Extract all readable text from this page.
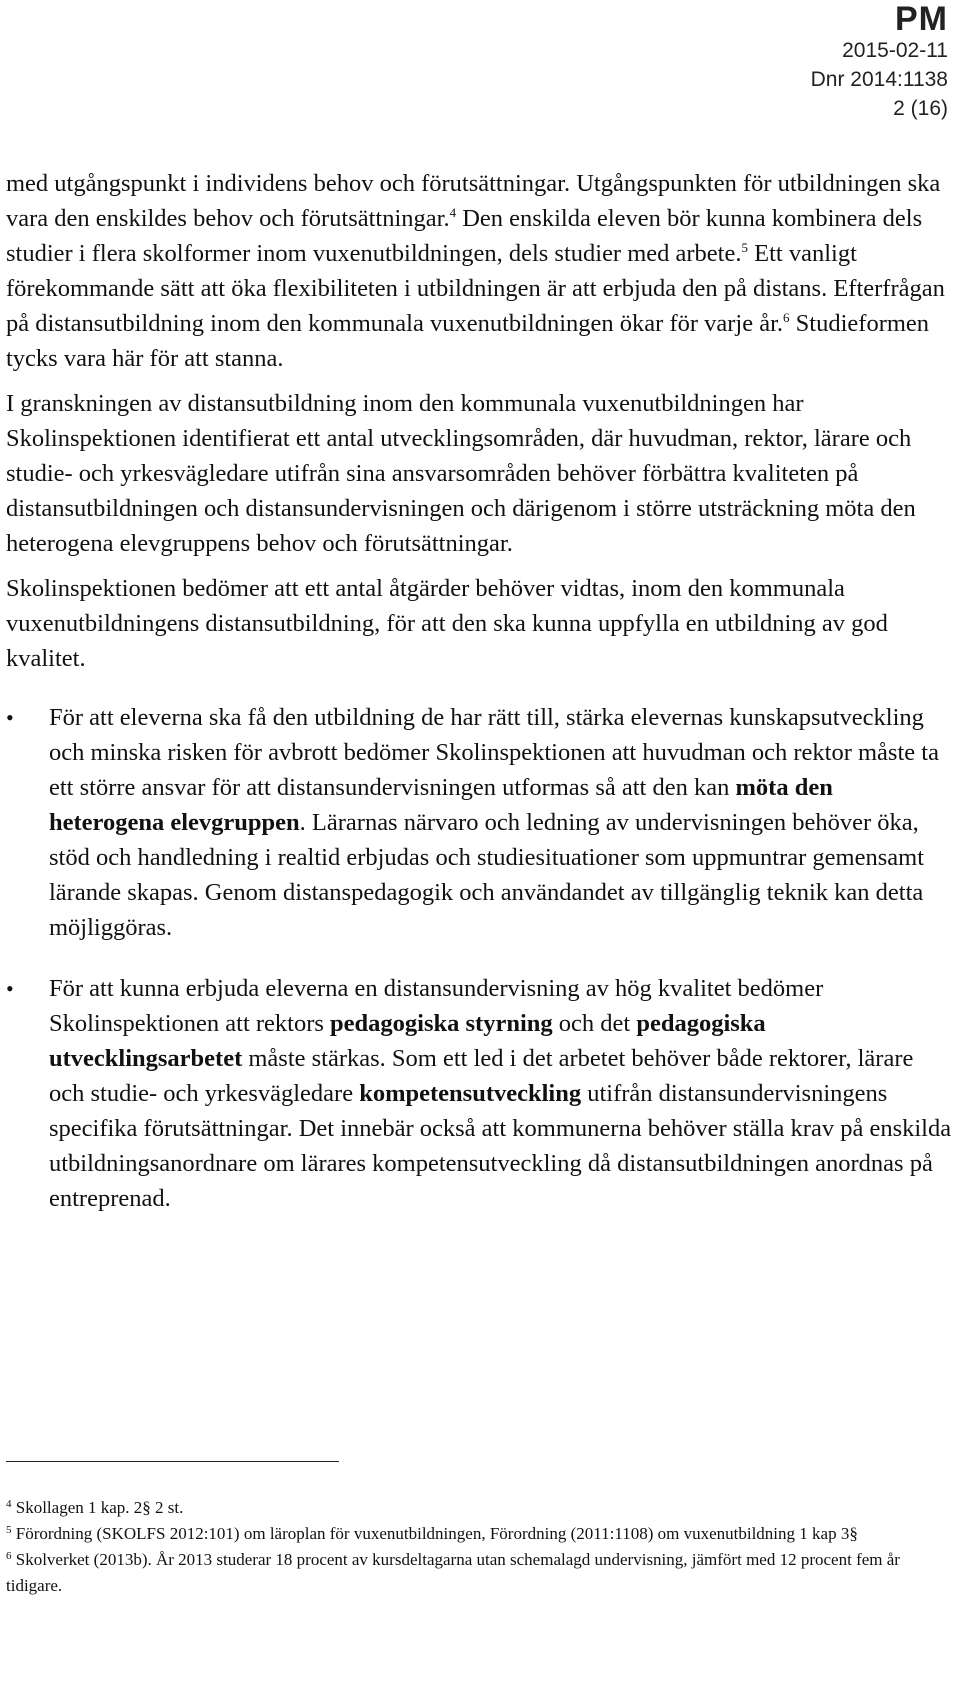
PM
2015-02-11
Dnr 2014:1138
2 (16)

med utgångspunkt i individens behov och förutsättningar. Utgångspunkten för utbildningen ska vara den enskildes behov och förutsättningar.$^4$ Den enskilda eleven bör kunna kombinera dels studier i flera skolformer inom vuxenutbildningen, dels studier med arbete.$^5$ Ett vanligt förekommande sätt att öka flexibiliteten i utbildningen är att erbjuda den på distans. Efterfrågan på distansutbildning inom den kommunala vuxenutbildningen ökar för varje år.$^6$ Studieformen tycks vara här för att stanna.

I granskningen av distansutbildning inom den kommunala vuxenutbildningen har Skolinspektionen identifierat ett antal utvecklingsområden, där huvudman, rektor, lärare och studie- och yrkesvägledare utifrån sina ansvarsområden behöver förbättra kvaliteten på distansutbildningen och distansundervisningen och därigenom i större utsträckning möta den heterogena elevgruppens behov och förutsättningar.

Skolinspektionen bedömer att ett antal åtgärder behöver vidtas, inom den kommunala vuxenutbildningens distansutbildning, för att den ska kunna uppfylla en utbildning av god kvalitet.

• För att eleverna ska få den utbildning de har rätt till, stärka elevernas kunskapsutveckling och minska risken för avbrott bedömer Skolinspektionen att huvudman och rektor måste ta ett större ansvar för att distansundervisningen utformas så att den kan möta den heterogena elevgruppen. Lärarnas närvaro och ledning av undervisningen behöver öka, stöd och handledning i realtid erbjudas och studiesituationer som uppmuntrar gemensamt lärande skapas. Genom distanspedagogik och användandet av tillgänglig teknik kan detta möjliggöras.
• För att kunna erbjuda eleverna en distansundervisning av hög kvalitet bedömer Skolinspektionen att rektors pedagogiska styrning och det pedagogiska utvecklingsarbetet måste stärkas. Som ett led i det arbetet behöver både rektorer, lärare och studie- och yrkesvägledare kompetensutveckling utifrån distansundervisningens specifika förutsättningar. Det innebär också att kommunerna behöver ställa krav på enskilda utbildningsanordnare om lärares kompetensutveckling då distansutbildningen anordnas på entreprenad.

$^4$ Skollagen 1 kap. 2§ 2 st.

$^5$ Förordning (SKOLFS 2012:101) om läroplan för vuxenutbildningen, Förordning (2011:1108) om vuxenutbildning 1 kap 3§

$^6$ Skolverket (2013b). År 2013 studerar 18 procent av kursdeltagarna utan schemalagd undervisning, jämfört med 12 procent fem år tidigare.
